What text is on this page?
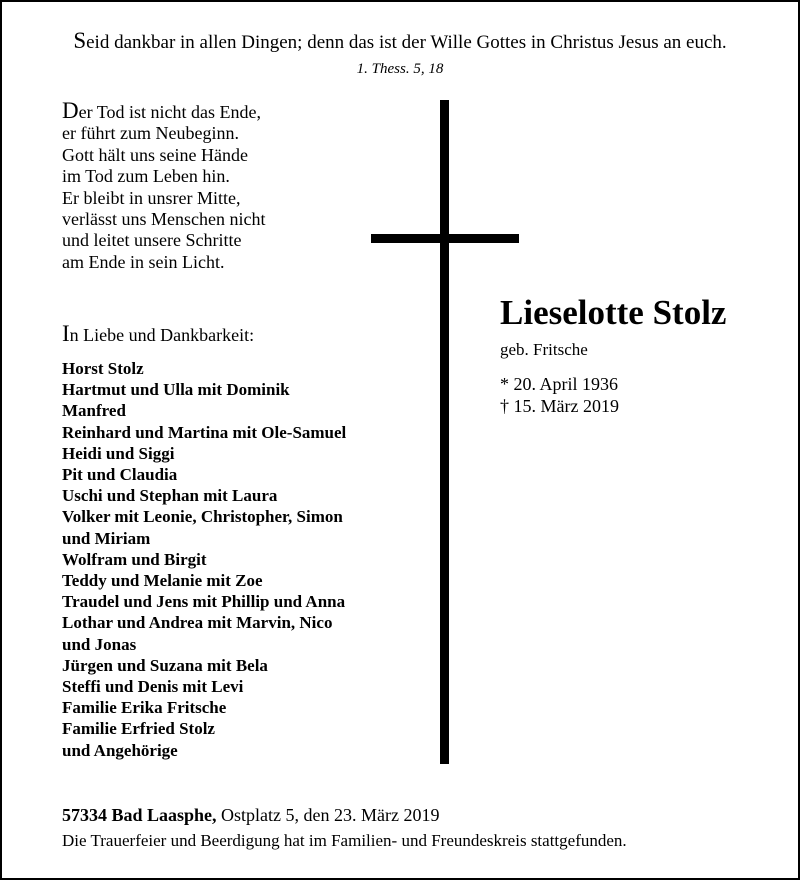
Seid dankbar in allen Dingen; denn das ist der Wille Gottes in Christus Jesus an euch.
1. Thess. 5, 18
Der Tod ist nicht das Ende,
er führt zum Neubeginn.
Gott hält uns seine Hände
im Tod zum Leben hin.
Er bleibt in unsrer Mitte,
verlässt uns Menschen nicht
und leitet unsere Schritte
am Ende in sein Licht.
In Liebe und Dankbarkeit:
Horst Stolz
Hartmut und Ulla mit Dominik
Manfred
Reinhard und Martina mit Ole-Samuel
Heidi und Siggi
Pit und Claudia
Uschi und Stephan mit Laura
Volker mit Leonie, Christopher, Simon
und Miriam
Wolfram und Birgit
Teddy und Melanie mit Zoe
Traudel und Jens mit Phillip und Anna
Lothar und Andrea mit Marvin, Nico
und Jonas
Jürgen und Suzana mit Bela
Steffi und Denis mit Levi
Familie Erika Fritsche
Familie Erfried Stolz
und Angehörige
Lieselotte Stolz
geb. Fritsche
* 20. April 1936
† 15. März 2019
57334 Bad Laasphe, Ostplatz 5, den 23. März 2019
Die Trauerfeier und Beerdigung hat im Familien- und Freundeskreis stattgefunden.
